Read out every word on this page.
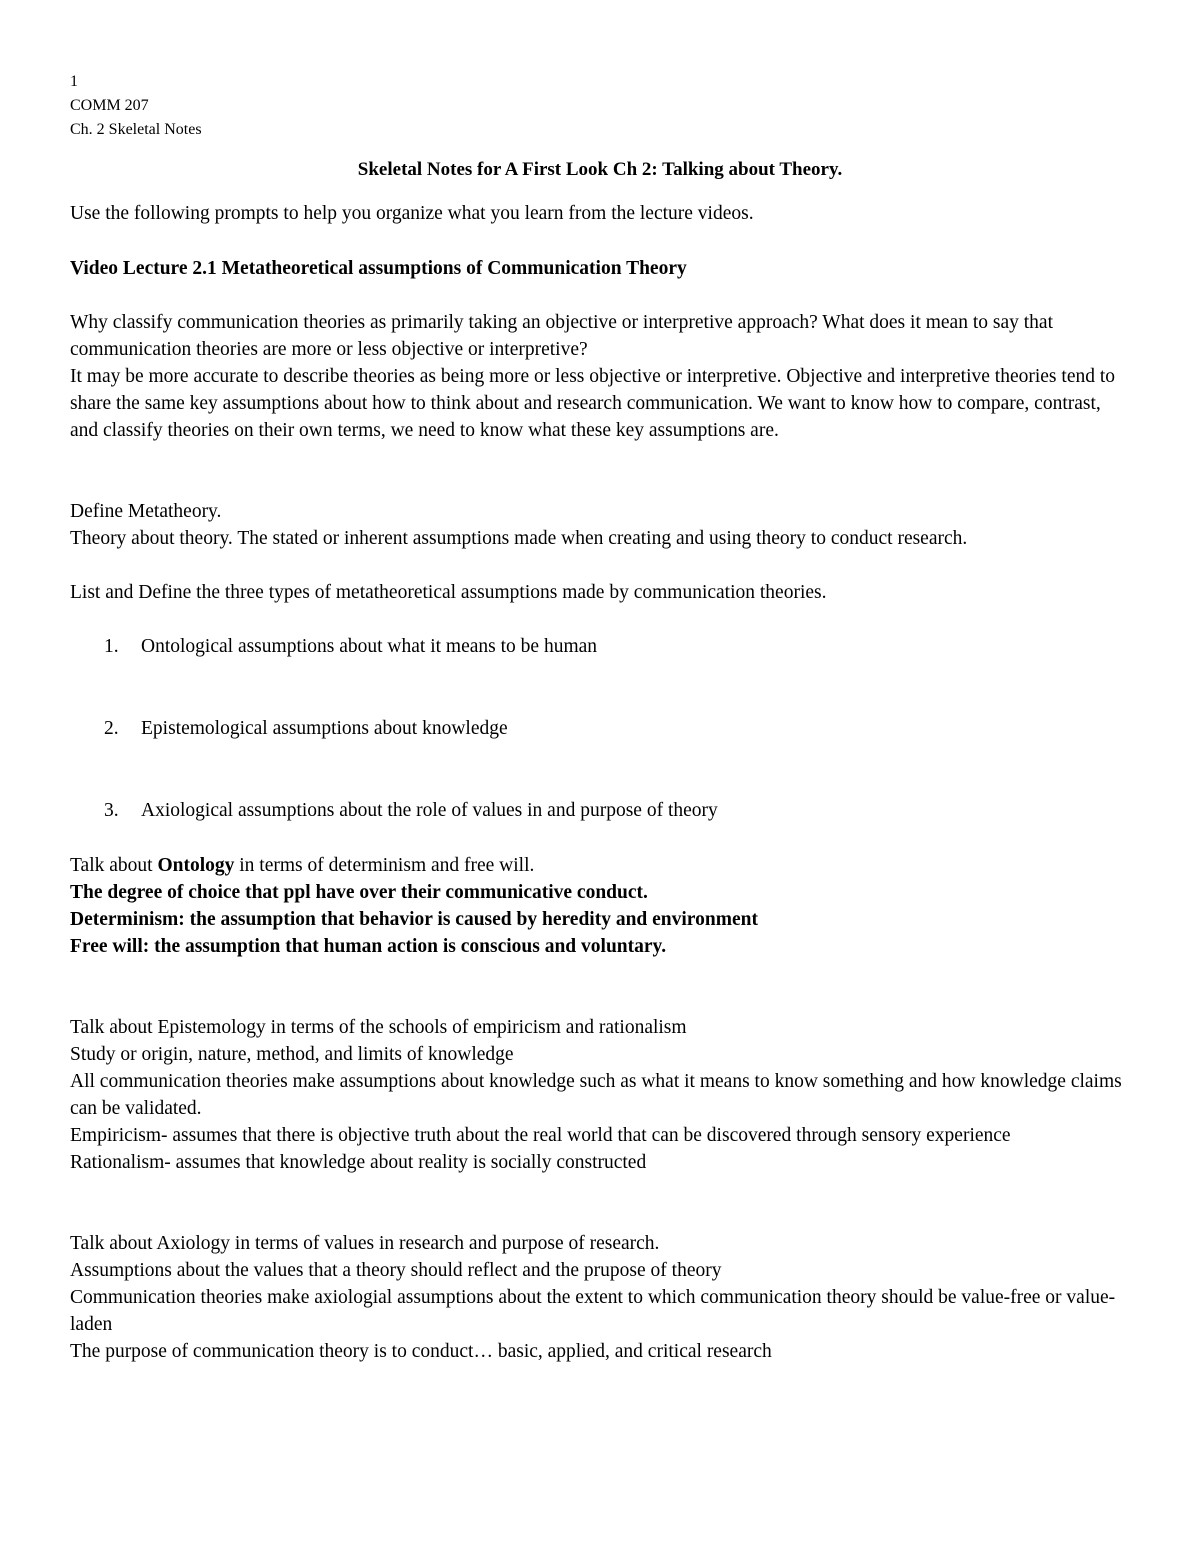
1
COMM 207
Ch. 2 Skeletal Notes
Skeletal Notes for A First Look Ch 2: Talking about Theory.

Use the following prompts to help you organize what you learn from the lecture videos.

Video Lecture 2.1 Metatheoretical assumptions of Communication Theory

Why classify communication theories as primarily taking an objective or interpretive approach? What does it mean to say that communication theories are more or less objective or interpretive?

It may be more accurate to describe theories as being more or less objective or interpretive. Objective and interpretive theories tend to share the same key assumptions about how to think about and research communication. We want to know how to compare, contrast, and classify theories on their own terms, we need to know what these key assumptions are.

Define Metatheory.

Theory about theory. The stated or inherent assumptions made when creating and using theory to conduct research.

List and Define the three types of metatheoretical assumptions made by communication theories.

1. Ontological assumptions about what it means to be human
2. Epistemological assumptions about knowledge
3. Axiological assumptions about the role of values in and purpose of theory

Talk about Ontology in terms of determinism and free will.

The degree of choice that ppl have over their communicative conduct.

Determinism: the assumption that behavior is caused by heredity and environment

Free will: the assumption that human action is conscious and voluntary.

Talk about Epistemology in terms of the schools of empiricism and rationalism

Study or origin, nature, method, and limits of knowledge

All communication theories make assumptions about knowledge such as what it means to know something and how knowledge claims can be validated.

Empiricism- assumes that there is objective truth about the real world that can be discovered through sensory experience

Rationalism- assumes that knowledge about reality is socially constructed

Talk about Axiology in terms of values in research and purpose of research.

Assumptions about the values that a theory should reflect and the prupose of theory

Communication theories make axiologial assumptions about the extent to which communication theory should be value-free or value-laden

The purpose of communication theory is to conduct… basic, applied, and critical research
